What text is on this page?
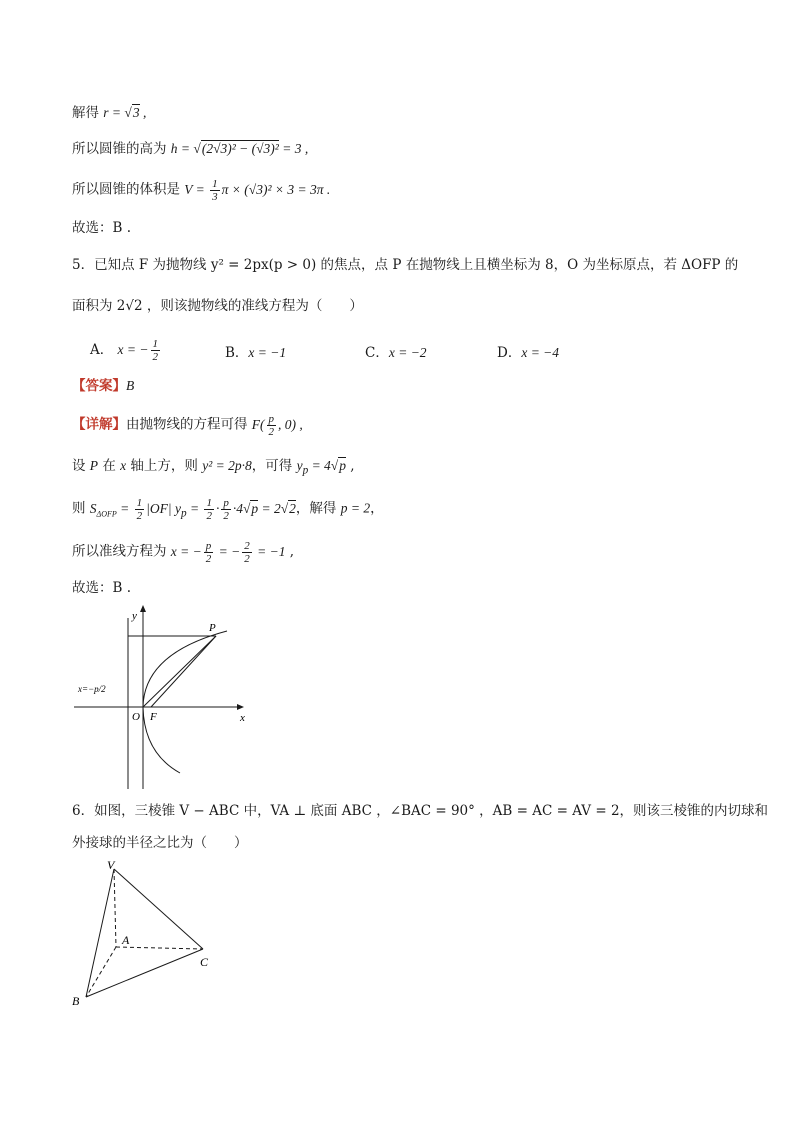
解得 r = √3 ,
所以圆锥的高为 h = √(2√3)² − (√3)² = 3 ,
所以圆锥的体积是 $V = \frac{1}{3}$ π × (√3)² × 3 = 3π .
故选：B .
5．已知点 F 为抛物线 y² = 2px(p > 0) 的焦点，点 P 在抛物线上且横坐标为 8，O 为坐标原点，若 ΔOFP 的
面积为 2√2 ，则该抛物线的准线方程为（　　）
A． x = − $\frac{1}{2}$	B．x = −1	C．x = −2	D．x = −4
【答案】B
【详解】由抛物线的方程可得 $F( \frac{p}{2}$ , 0) ,
设 P 在 x 轴上方，则 y² = 2p·8，可得 $y_p = 4√p$ ,
则 $S_{\Delta OFP} = \frac{1}{2} |OF|$ $y_p = \frac{1}{2} \cdot \frac{p}{2} \cdot 4√p = 2√2$，解得 p = 2，
所以准线方程为 x = − $\frac{p}{2}$ = − $\frac{2}{2} = -1$ ,
故选：B .
y
x
O F
P
x=−p/2
6．如图，三棱锥 V − ABC 中，VA ⊥ 底面 ABC ，∠BAC = 90° ，AB = AC = AV = 2，则该三棱锥的内切球和
外接球的半径之比为（　　）
V
A
B
C
